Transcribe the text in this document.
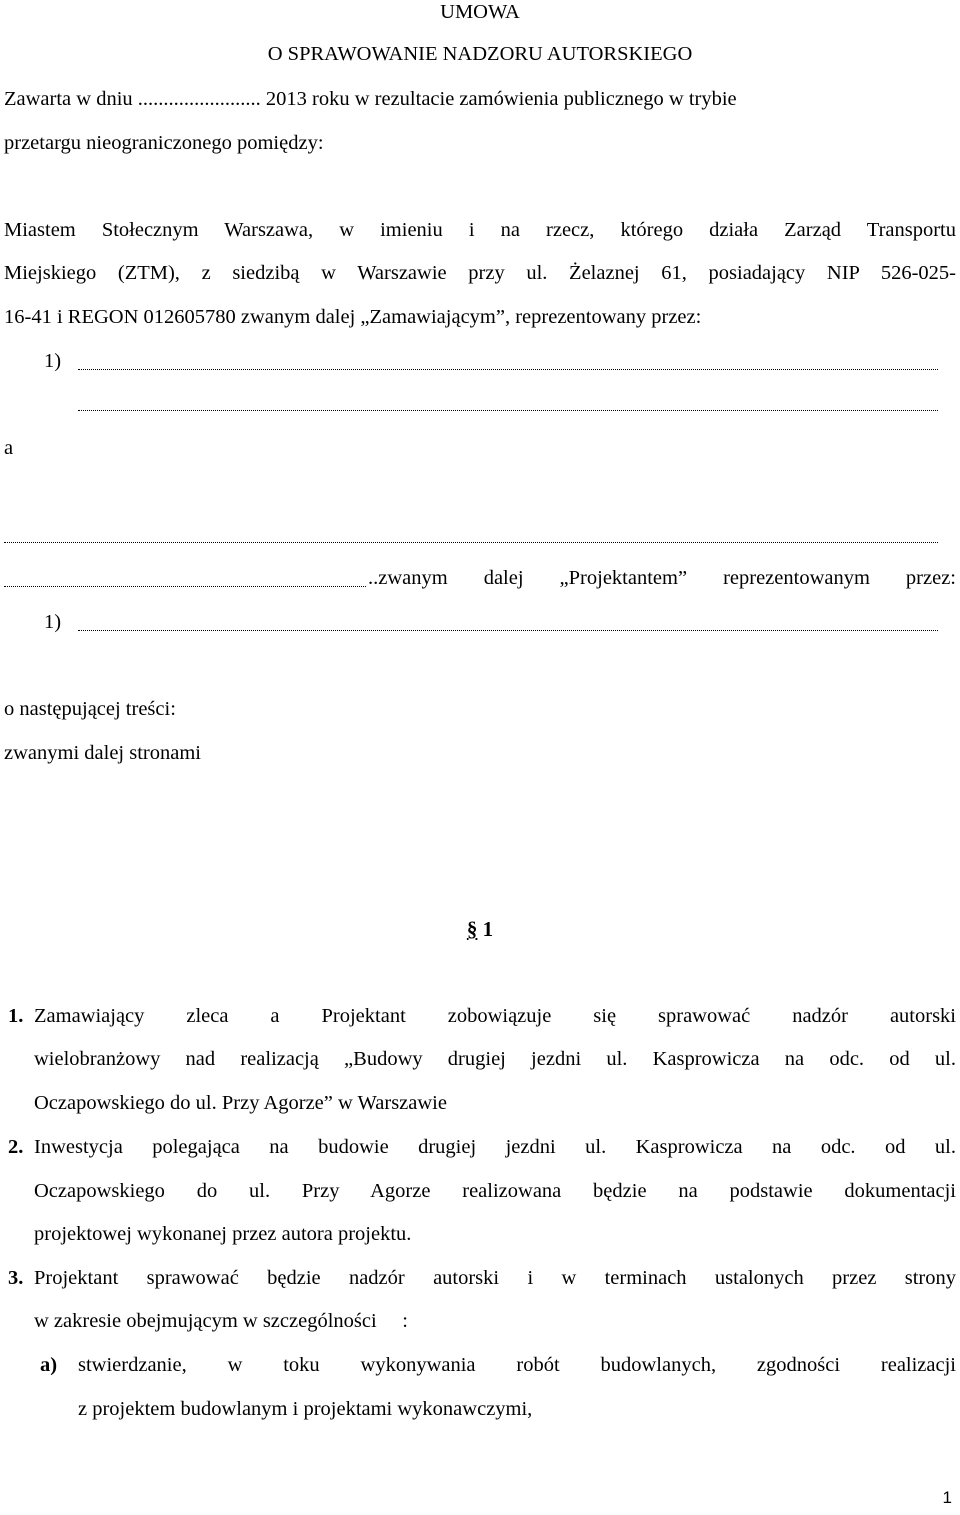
UMOWA
O SPRAWOWANIE NADZORU AUTORSKIEGO
Zawarta w dniu ........................ 2013 roku w rezultacie zamówienia publicznego w trybie
przetargu nieograniczonego pomiędzy:
Miastem Stołecznym Warszawa, w imieniu i na rzecz, którego działa Zarząd Transportu
Miejskiego (ZTM), z siedzibą w Warszawie przy ul. Żelaznej 61, posiadający NIP 526-025-
16-41 i REGON 012605780 zwanym dalej „Zamawiającym”, reprezentowany przez:
1)
a
..zwanym dalej „Projektantem” reprezentowanym przez:
1)
o następującej treści:
zwanymi dalej stronami
§ 1
1. Zamawiający zleca a Projektant zobowiązuje się sprawować nadzór autorski
wielobranżowy nad realizacją „Budowy drugiej jezdni ul. Kasprowicza na odc. od ul.
Oczapowskiego do ul. Przy Agorze” w Warszawie
2. Inwestycja polegająca na budowie drugiej jezdni ul. Kasprowicza na odc. od ul.
Oczapowskiego do ul. Przy Agorze realizowana będzie na podstawie dokumentacji
projektowej wykonanej przez autora projektu.
3. Projektant sprawować będzie nadzór autorski i w terminach ustalonych przez strony
w zakresie obejmującym w szczególności     :
a) stwierdzanie, w toku wykonywania robót budowlanych, zgodności realizacji
z projektem budowlanym i projektami wykonawczymi,
1
